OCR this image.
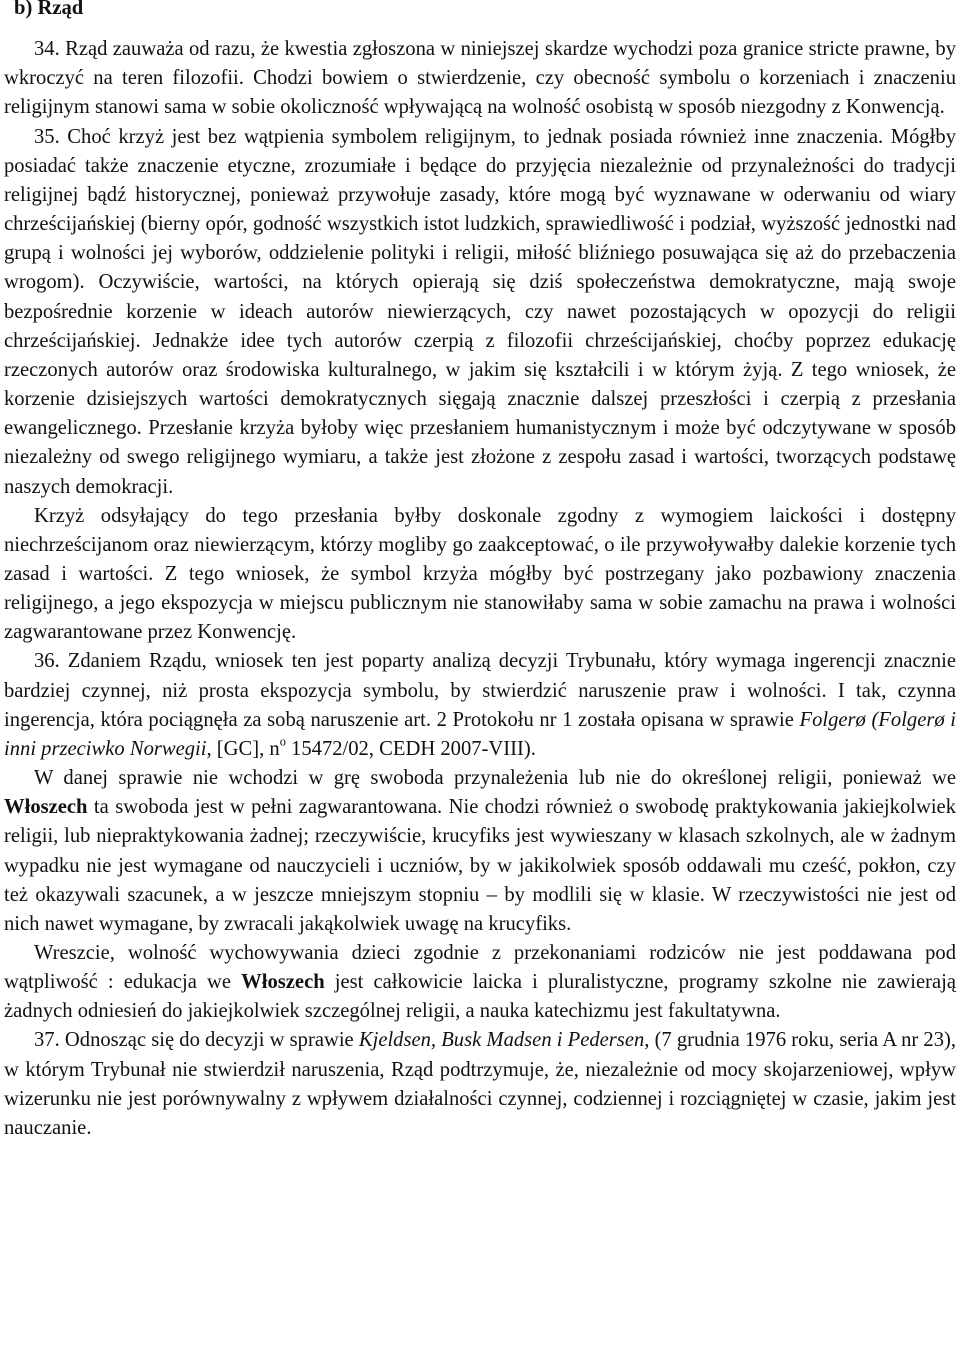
b) Rząd

34. Rząd zauważa od razu, że kwestia zgłoszona w niniejszej skardze wychodzi poza granice stricte prawne, by wkroczyć na teren filozofii. Chodzi bowiem o stwierdzenie, czy obecność symbolu o korzeniach i znaczeniu religijnym stanowi sama w sobie okoliczność wpływającą na wolność osobistą w sposób niezgodny z Konwencją.

35. Choć krzyż jest bez wątpienia symbolem religijnym, to jednak posiada również inne znaczenia. Mógłby posiadać także znaczenie etyczne, zrozumiałe i będące do przyjęcia niezależnie od przynależności do tradycji religijnej bądź historycznej, ponieważ przywołuje zasady, które mogą być wyznawane w oderwaniu od wiary chrześcijańskiej (bierny opór, godność wszystkich istot ludzkich, sprawiedliwość i podział, wyższość jednostki nad grupą i wolności jej wyborów, oddzielenie polityki i religii, miłość bliźniego posuwająca się aż do przebaczenia wrogom). Oczywiście, wartości, na których opierają się dziś społeczeństwa demokratyczne, mają swoje bezpośrednie korzenie w ideach autorów niewierzących, czy nawet pozostających w opozycji do religii chrześcijańskiej. Jednakże idee tych autorów czerpią z filozofii chrześcijańskiej, choćby poprzez edukację rzeczonych autorów oraz środowiska kulturalnego, w jakim się kształcili i w którym żyją. Z tego wniosek, że korzenie dzisiejszych wartości demokratycznych sięgają znacznie dalszej przeszłości i czerpią z przesłania ewangelicznego. Przesłanie krzyża byłoby więc przesłaniem humanistycznym i może być odczytywane w sposób niezależny od swego religijnego wymiaru, a także jest złożone z zespołu zasad i wartości, tworzących podstawę naszych demokracji.

Krzyż odsyłający do tego przesłania byłby doskonale zgodny z wymogiem laickości i dostępny niechrześcijanom oraz niewierzącym, którzy mogliby go zaakceptować, o ile przywoływałby dalekie korzenie tych zasad i wartości. Z tego wniosek, że symbol krzyża mógłby być postrzegany jako pozbawiony znaczenia religijnego, a jego ekspozycja w miejscu publicznym nie stanowiłaby sama w sobie zamachu na prawa i wolności zagwarantowane przez Konwencję.

36. Zdaniem Rządu, wniosek ten jest poparty analizą decyzji Trybunału, który wymaga ingerencji znacznie bardziej czynnej, niż prosta ekspozycja symbolu, by stwierdzić naruszenie praw i wolności. I tak, czynna ingerencja, która pociągnęła za sobą naruszenie art. 2 Protokołu nr 1 została opisana w sprawie Folgerø (Folgerø i inni przeciwko Norwegii, [GC], $n^o$ 15472/02, CEDH 2007-VIII).

W danej sprawie nie wchodzi w grę swoboda przynależenia lub nie do określonej religii, ponieważ we Włoszech ta swoboda jest w pełni zagwarantowana. Nie chodzi również o swobodę praktykowania jakiejkolwiek religii, lub niepraktykowania żadnej; rzeczywiście, krucyfiks jest wywieszany w klasach szkolnych, ale w żadnym wypadku nie jest wymagane od nauczycieli i uczniów, by w jakikolwiek sposób oddawali mu cześć, pokłon, czy też okazywali szacunek, a w jeszcze mniejszym stopniu – by modlili się w klasie. W rzeczywistości nie jest od nich nawet wymagane, by zwracali jakąkolwiek uwagę na krucyfiks.

Wreszcie, wolność wychowywania dzieci zgodnie z przekonaniami rodziców nie jest poddawana pod wątpliwość : edukacja we Włoszech jest całkowicie laicka i pluralistyczne, programy szkolne nie zawierają żadnych odniesień do jakiejkolwiek szczególnej religii, a nauka katechizmu jest fakultatywna.

37. Odnosząc się do decyzji w sprawie Kjeldsen, Busk Madsen i Pedersen, (7 grudnia 1976 roku, seria A nr 23), w którym Trybunał nie stwierdził naruszenia, Rząd podtrzymuje, że, niezależnie od mocy skojarzeniowej, wpływ wizerunku nie jest porównywalny z wpływem działalności czynnej, codziennej i rozciągniętej w czasie, jakim jest nauczanie.
